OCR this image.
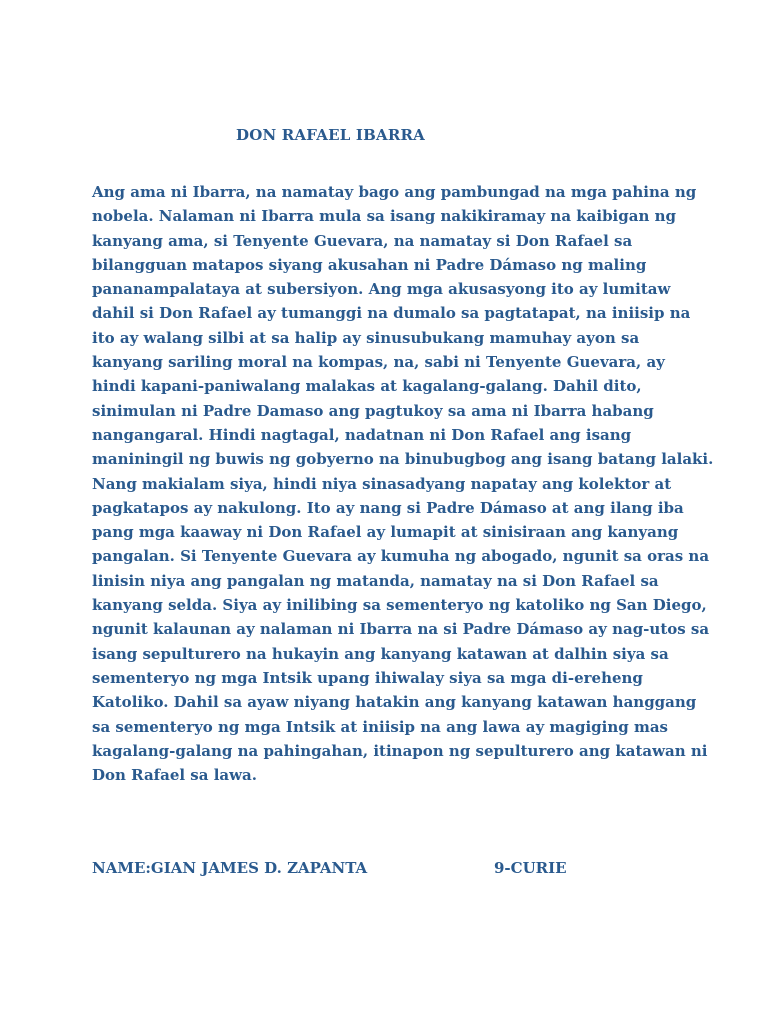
DON RAFAEL IBARRA
Ang ama ni Ibarra, na namatay bago ang pambungad na mga pahina ng
nobela. Nalaman ni Ibarra mula sa isang nakikiramay na kaibigan ng
kanyang ama, si Tenyente Guevara, na namatay si Don Rafael sa
bilangguan matapos siyang akusahan ni Padre Dámaso ng maling
pananampalataya at subersiyon. Ang mga akusasyong ito ay lumitaw
dahil si Don Rafael ay tumanggi na dumalo sa pagtatapat, na iniisip na
ito ay walang silbi at sa halip ay sinusubukang mamuhay ayon sa
kanyang sariling moral na kompas, na, sabi ni Tenyente Guevara, ay
hindi kapani-paniwalang malakas at kagalang-galang. Dahil dito,
sinimulan ni Padre Damaso ang pagtukoy sa ama ni Ibarra habang
nangangaral. Hindi nagtagal, nadatnan ni Don Rafael ang isang
maniningil ng buwis ng gobyerno na binubugbog ang isang batang lalaki.
Nang makialam siya, hindi niya sinasadyang napatay ang kolektor at
pagkatapos ay nakulong. Ito ay nang si Padre Dámaso at ang ilang iba
pang mga kaaway ni Don Rafael ay lumapit at sinisiraan ang kanyang
pangalan. Si Tenyente Guevara ay kumuha ng abogado, ngunit sa oras na
linisin niya ang pangalan ng matanda, namatay na si Don Rafael sa
kanyang selda. Siya ay inilibing sa sementeryo ng katoliko ng San Diego,
ngunit kalaunan ay nalaman ni Ibarra na si Padre Dámaso ay nag-utos sa
isang sepulturero na hukayin ang kanyang katawan at dalhin siya sa
sementeryo ng mga Intsik upang ihiwalay siya sa mga di-ereheng
Katoliko. Dahil sa ayaw niyang hatakin ang kanyang katawan hanggang
sa sementeryo ng mga Intsik at iniisip na ang lawa ay magiging mas
kagalang-galang na pahingahan, itinapon ng sepulturero ang katawan ni
Don Rafael sa lawa.
NAME:GIAN JAMES D. ZAPANTA	9-CURIE
